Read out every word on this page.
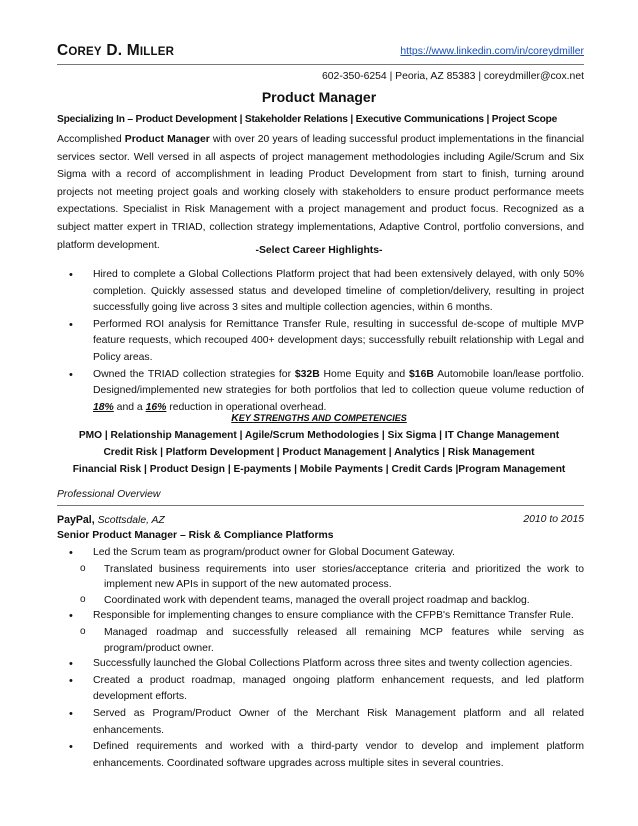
COREY D. MILLER	https://www.linkedin.com/in/coreydmiller
602-350-6254 | Peoria, AZ 85383 | coreydmiller@cox.net
Product Manager
Specializing In – Product Development | Stakeholder Relations | Executive Communications | Project Scope
Accomplished Product Manager with over 20 years of leading successful product implementations in the financial services sector. Well versed in all aspects of project management methodologies including Agile/Scrum and Six Sigma with a record of accomplishment in leading Product Development from start to finish, turning around projects not meeting project goals and working closely with stakeholders to ensure product performance meets expectations. Specialist in Risk Management with a project management and product focus. Recognized as a subject matter expert in TRIAD, collection strategy implementations, Adaptive Control, portfolio conversions, and platform development.	-Select Career Highlights-
• Hired to complete a Global Collections Platform project that had been extensively delayed, with only 50% completion. Quickly assessed status and developed timeline of completion/delivery, resulting in project successfully going live across 3 sites and multiple collection agencies, within 6 months.
• Performed ROI analysis for Remittance Transfer Rule, resulting in successful de-scope of multiple MVP feature requests, which recouped 400+ development days; successfully rebuilt relationship with Legal and Policy areas.
• Owned the TRIAD collection strategies for $32B Home Equity and $16B Automobile loan/lease portfolio. Designed/implemented new strategies for both portfolios that led to collection queue volume reduction of 18% and a 16% reduction in operational overhead.
KEY STRENGTHS AND COMPETENCIES
PMO | Relationship Management | Agile/Scrum Methodologies | Six Sigma | IT Change Management
Credit Risk | Platform Development | Product Management | Analytics | Risk Management
Financial Risk | Product Design | E-payments | Mobile Payments | Credit Cards |Program Management
Professional Overview
PayPal, Scottsdale, AZ	2010 to 2015
Senior Product Manager – Risk & Compliance Platforms
• Led the Scrum team as program/product owner for Global Document Gateway.
o Translated business requirements into user stories/acceptance criteria and prioritized the work to implement new APIs in support of the new automated process.
o Coordinated work with dependent teams, managed the overall project roadmap and backlog.
• Responsible for implementing changes to ensure compliance with the CFPB's Remittance Transfer Rule.
o Managed roadmap and successfully released all remaining MCP features while serving as program/product owner.
• Successfully launched the Global Collections Platform across three sites and twenty collection agencies.
• Created a product roadmap, managed ongoing platform enhancement requests, and led platform development efforts.
• Served as Program/Product Owner of the Merchant Risk Management platform and all related enhancements.
• Defined requirements and worked with a third-party vendor to develop and implement platform enhancements. Coordinated software upgrades across multiple sites in several countries.
